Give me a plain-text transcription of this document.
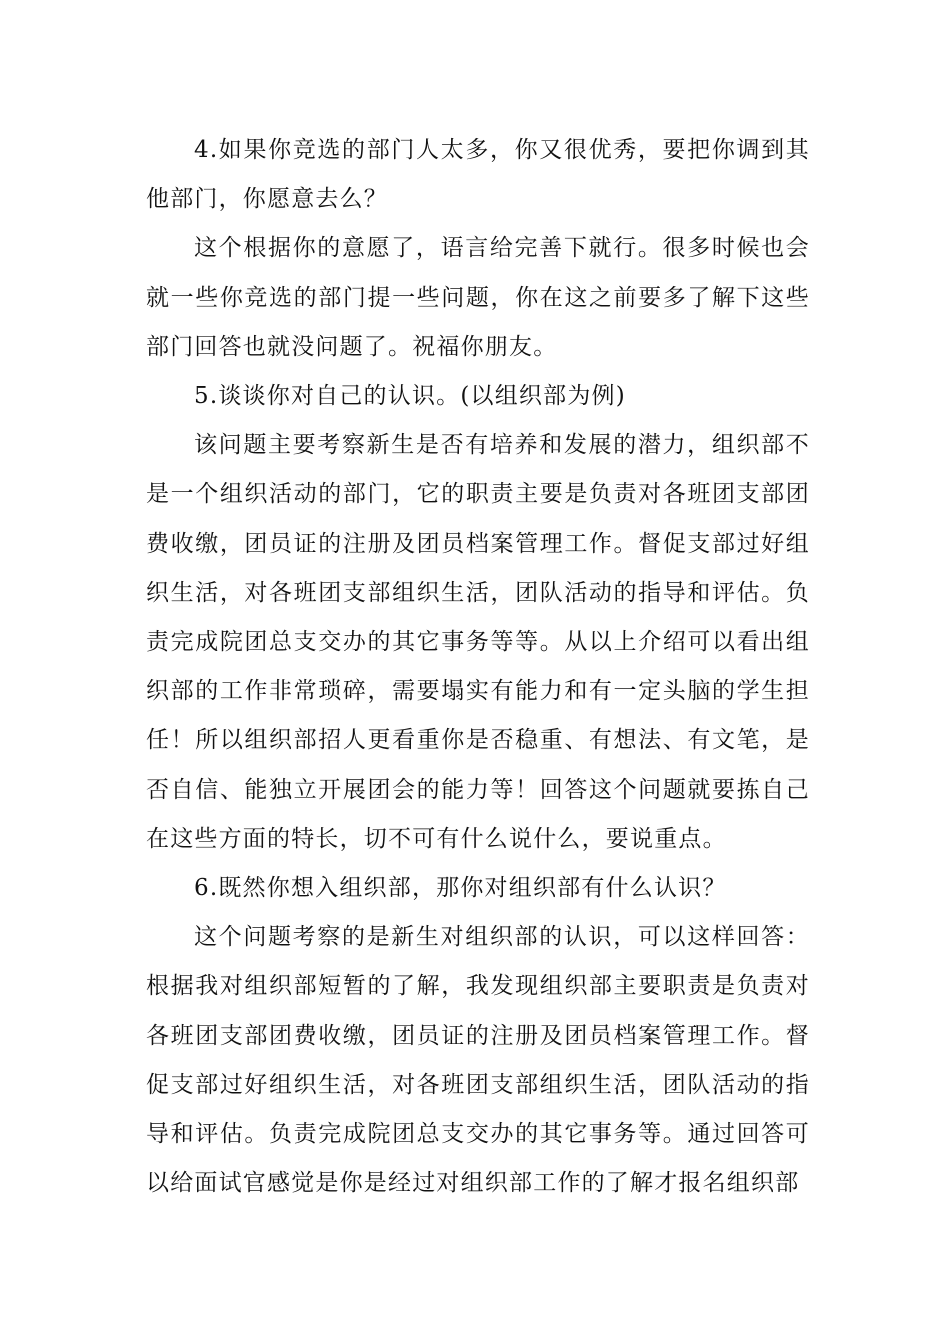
4.如果你竞选的部门人太多，你又很优秀，要把你调到其他部门，你愿意去么？

这个根据你的意愿了，语言给完善下就行。很多时候也会就一些你竞选的部门提一些问题，你在这之前要多了解下这些部门回答也就没问题了。祝福你朋友。

5.谈谈你对自己的认识。(以组织部为例)

该问题主要考察新生是否有培养和发展的潜力，组织部不是一个组织活动的部门，它的职责主要是负责对各班团支部团费收缴，团员证的注册及团员档案管理工作。督促支部过好组织生活，对各班团支部组织生活，团队活动的指导和评估。负责完成院团总支交办的其它事务等等。从以上介绍可以看出组织部的工作非常琐碎，需要塌实有能力和有一定头脑的学生担任！所以组织部招人更看重你是否稳重、有想法、有文笔，是否自信、能独立开展团会的能力等！回答这个问题就要拣自己在这些方面的特长，切不可有什么说什么，要说重点。

6.既然你想入组织部，那你对组织部有什么认识？

这个问题考察的是新生对组织部的认识，可以这样回答：根据我对组织部短暂的了解，我发现组织部主要职责是负责对各班团支部团费收缴，团员证的注册及团员档案管理工作。督促支部过好组织生活，对各班团支部组织生活，团队活动的指导和评估。负责完成院团总支交办的其它事务等。通过回答可以给面试官感觉是你是经过对组织部工作的了解才报名组织部
